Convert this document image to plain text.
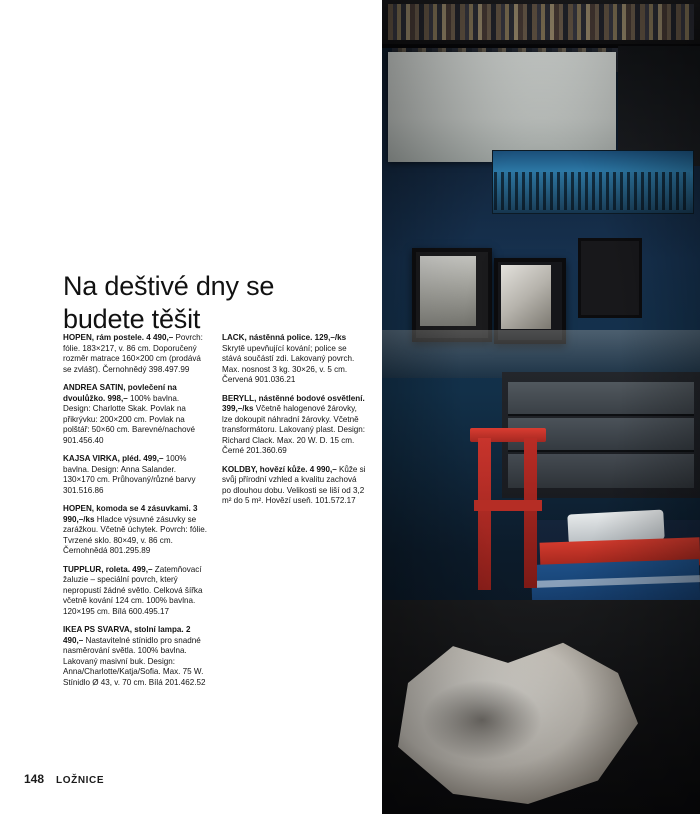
Na deštivé dny se budete těšit

HOPEN, rám postele. 4 490,– Povrch: fólie. 183×217, v. 86 cm. Doporučený rozměr matrace 160×200 cm (prodává se zvlášť). Černohnědý 398.497.99

ANDREA SATIN, povlečení na dvoulůžko. 998,– 100% bavlna. Design: Charlotte Skak. Povlak na přikrývku: 200×200 cm. Povlak na polštář: 50×60 cm. Barevné/nachové 901.456.40

KAJSA VIRKA, pléd. 499,– 100% bavlna. Design: Anna Salander. 130×170 cm. Průhovaný/různé barvy 301.516.86

HOPEN, komoda se 4 zásuvkami. 3 990,–/ks Hladce výsuvné zásuvky se zarážkou. Včetně úchytek. Povrch: fólie. Tvrzené sklo. 80×49, v. 86 cm. Černohnědá 801.295.89

TUPPLUR, roleta. 499,– Zatemňovací žaluzie – speciální povrch, který nepropustí žádné světlo. Celková šířka včetně kování 124 cm. 100% bavlna. 120×195 cm. Bílá 600.495.17

IKEA PS SVARVA, stolní lampa. 2 490,– Nastavitelné stínidlo pro snadné nasměrování světla. 100% bavlna. Lakovaný masivní buk. Design: Anna/Charlotte/Katja/Sofia. Max. 75 W. Stínidlo Ø 43, v. 70 cm. Bílá 201.462.52

LACK, nástěnná police. 129,–/ks Skrytě upevňující kování; police se stává součástí zdi. Lakovaný povrch. Max. nosnost 3 kg. 30×26, v. 5 cm. Červená 901.036.21

BERYLL, nástěnné bodové osvětlení. 399,–/ks Včetně halogenové žárovky, lze dokoupit náhradní žárovky. Včetně transformátoru. Lakovaný plast. Design: Richard Clack. Max. 20 W. D. 15 cm. Černé 201.360.69

KOLDBY, hovězí kůže. 4 990,– Kůže si svůj přírodní vzhled a kvalitu zachová po dlouhou dobu. Velikosti se liší od 3,2 m² do 5 m². Hovězí useň. 101.572.17

148 LOŽNICE
